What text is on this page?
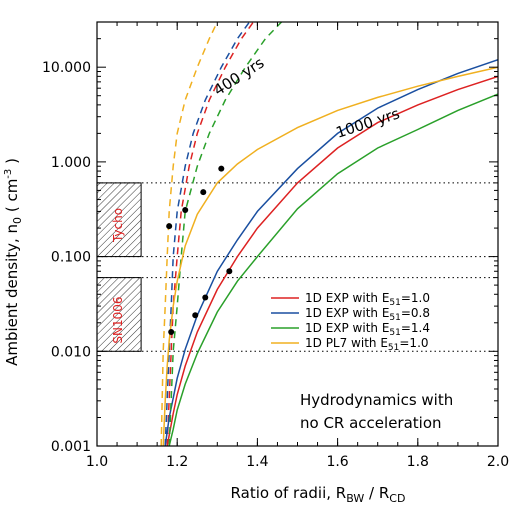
1.0	1.2	1.4	1.6	1.8	2.0
0.001
0.010
0.100
1.000
10.000
Ratio of radii, $R_{BW} / R_{CD}$
Ambient density, $n_0$ ( $cm^{-3}$ )
400 yrs
1000 yrs
Hydrodynamics with
no CR acceleration
Tycho
SN1006	1D EXP with $E_{51}=1.0$
1D EXP with $E_{51}=0.8$
1D EXP with $E_{51}=1.4$
1D PL7 with $E_{51}=1.0$
